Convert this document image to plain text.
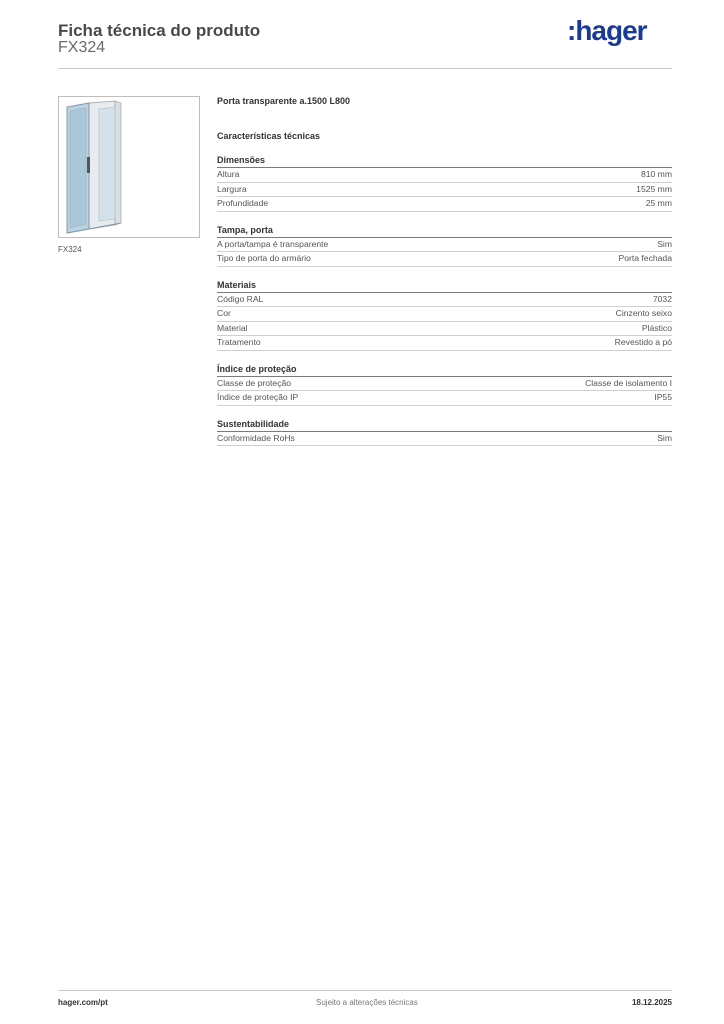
Ficha técnica do produto
FX324
:hager
FX324
Porta transparente a.1500 L800
Características técnicas
Dimensões
Altura	810 mm
Largura	1525 mm
Profundidade	25 mm
Tampa, porta
A porta/tampa é transparente	Sim
Tipo de porta do armário	Porta fechada
Materiais
Código RAL	7032
Cor	Cinzento seixo
Material	Plástico
Tratamento	Revestido a pó
Índice de proteção
Classe de proteção	Classe de isolamento I
Índice de proteção IP	IP55
Sustentabilidade
Conformidade RoHs	Sim
hager.com/pt	Sujeito a alterações técnicas	18.12.2025
